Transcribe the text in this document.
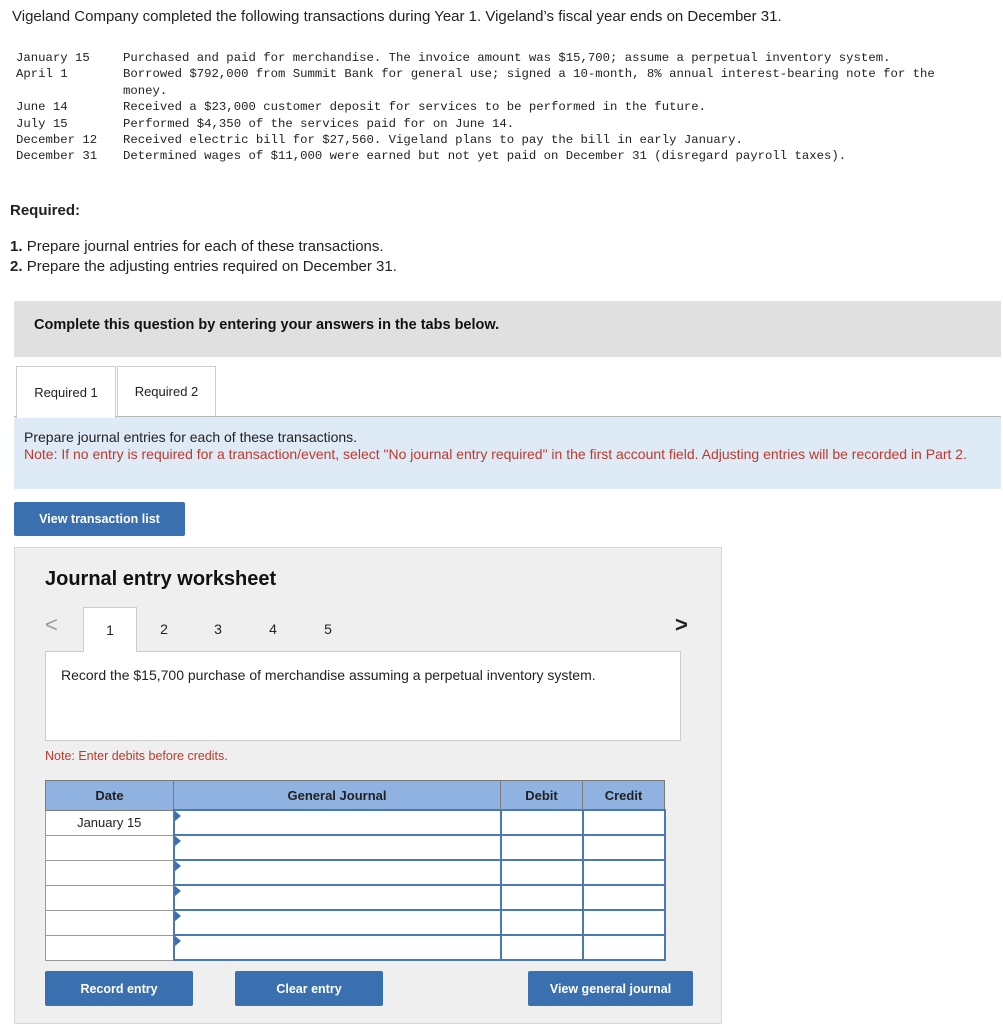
Vigeland Company completed the following transactions during Year 1. Vigeland’s fiscal year ends on December 31.
January 15	Purchased and paid for merchandise. The invoice amount was $15,700; assume a perpetual inventory system.
April 1	Borrowed $792,000 from Summit Bank for general use; signed a 10-month, 8% annual interest-bearing note for the money.
June 14	Received a $23,000 customer deposit for services to be performed in the future.
July 15	Performed $4,350 of the services paid for on June 14.
December 12	Received electric bill for $27,560. Vigeland plans to pay the bill in early January.
December 31	Determined wages of $11,000 were earned but not yet paid on December 31 (disregard payroll taxes).
Required:
1. Prepare journal entries for each of these transactions.
2. Prepare the adjusting entries required on December 31.
Complete this question by entering your answers in the tabs below.
Required 1	Required 2
Prepare journal entries for each of these transactions.
Note: If no entry is required for a transaction/event, select "No journal entry required" in the first account field. Adjusting entries will be recorded in Part 2.
View transaction list
Journal entry worksheet
<	1	2	3	4	5	>
Record the $15,700 purchase of merchandise assuming a perpetual inventory system.
Note: Enter debits before credits.
Date	General Journal	Debit	Credit
January 15	

Record entry	Clear entry	View general journal
